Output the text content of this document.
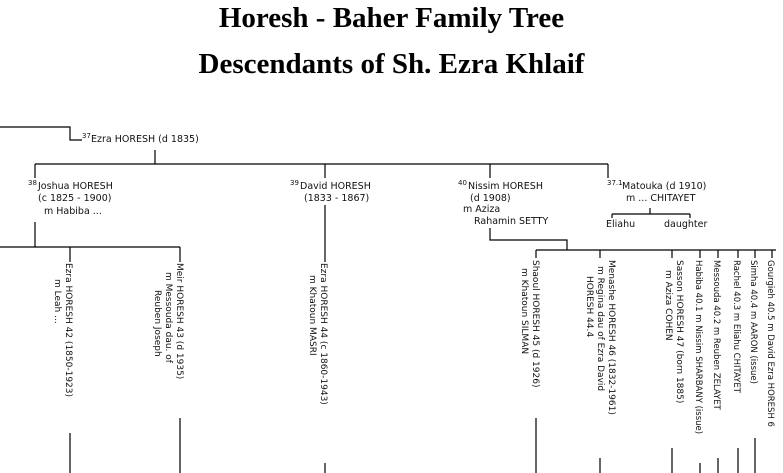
Horesh - Baher Family Tree
Descendants of Sh. Ezra Khlaif
37 Ezra HORESH (d 1835)
38 Joshua HORESH
(c 1825 - 1900)
m Habiba ...
39 David HORESH
(1833 - 1867)
40 Nissim HORESH
(d 1908)
m Aziza
Rahamin SETTY
37.1 Matouka (d 1910)
m ... CHITAYET
Eliahu	daughter
Ezra HORESH 42 (1850-1923)
m Leah ...	Meir HORESH 43 (d 1935)
m Messouda dau. of
Reuben Joseph	Ezra HORESH 44 (c 1860-1943)
m Khatoun MASRI	Shaoul HORESH 45 (d 1926)
m Khatoun SILMAN	Menashe HORESH 46 (1832-1961)
m Regina dau of Ezra David
HORESH 44.4	Sasson HORESH 47 (born 1885)
m Aziza COHEN Habiba 40.1 m Nissim SHARBANY (issue) Messouda 40.2 m Reuben ZELAYET Rachel 40.3 m Eliahu CHITAYET Simha 40.4 m AARON (issue) Gourgieh 40.5 m David Ezra HORESH 6
